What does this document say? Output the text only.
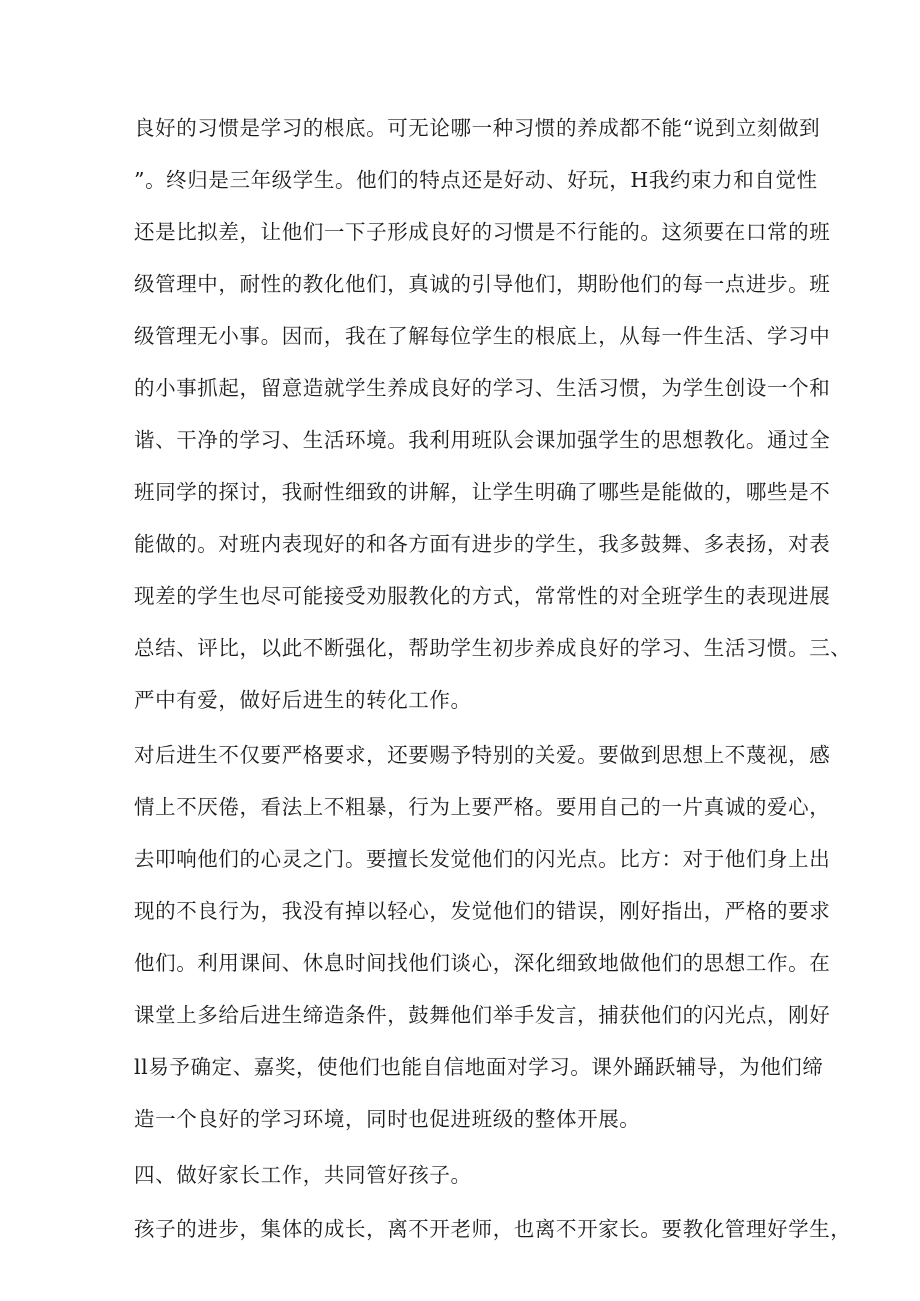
良好的习惯是学习的根底。可无论哪一种习惯的养成都不能“说到立刻做到
”。终归是三年级学生。他们的特点还是好动、好玩，H我约束力和自觉性
还是比拟差，让他们一下子形成良好的习惯是不行能的。这须要在口常的班
级管理中，耐性的教化他们，真诚的引导他们，期盼他们的每一点进步。班
级管理无小事。因而，我在了解每位学生的根底上，从每一件生活、学习中
的小事抓起，留意造就学生养成良好的学习、生活习惯，为学生创设一个和
谐、干净的学习、生活环境。我利用班队会课加强学生的思想教化。通过全
班同学的探讨，我耐性细致的讲解，让学生明确了哪些是能做的，哪些是不
能做的。对班内表现好的和各方面有进步的学生，我多鼓舞、多表扬，对表
现差的学生也尽可能接受劝服教化的方式，常常性的对全班学生的表现进展
总结、评比，以此不断强化，帮助学生初步养成良好的学习、生活习惯。三、
严中有爱，做好后进生的转化工作。
对后进生不仅要严格要求，还要赐予特别的关爱。要做到思想上不蔑视，感
情上不厌倦，看法上不粗暴，行为上要严格。要用自己的一片真诚的爱心，
去叩响他们的心灵之门。要擅长发觉他们的闪光点。比方：对于他们身上出
现的不良行为，我没有掉以轻心，发觉他们的错误，刚好指出，严格的要求
他们。利用课间、休息时间找他们谈心，深化细致地做他们的思想工作。在
课堂上多给后进生缔造条件，鼓舞他们举手发言，捕获他们的闪光点，刚好
ll易予确定、嘉奖，使他们也能自信地面对学习。课外踊跃辅导，为他们缔
造一个良好的学习环境，同时也促进班级的整体开展。
四、做好家长工作，共同管好孩子。
孩子的进步，集体的成长，离不开老师，也离不开家长。要教化管理好学生，
